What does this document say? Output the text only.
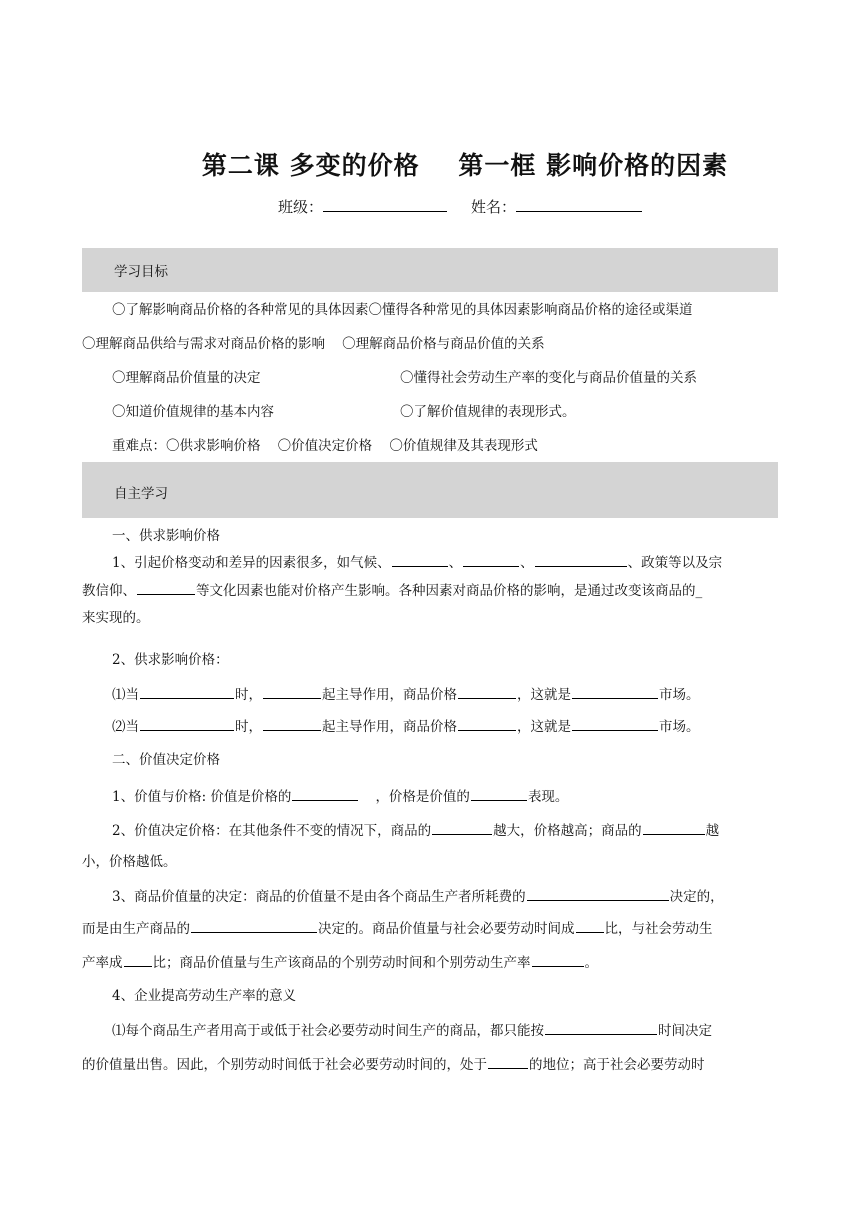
第二课 多变的价格    第一框 影响价格的因素
班级：	姓名：
学习目标
〇了解影响商品价格的各种常见的具体因素〇懂得各种常见的具体因素影响商品价格的途径或渠道
〇理解商品供给与需求对商品价格的影响    〇理解商品价格与商品价值的关系
〇理解商品价值量的决定	〇懂得社会劳动生产率的变化与商品价值量的关系
〇知道价值规律的基本内容	〇了解价值规律的表现形式。
重难点：〇供求影响价格    〇价值决定价格    〇价值规律及其表现形式
自主学习
一、供求影响价格
1、引起价格变动和差异的因素很多，如气候、	、	、	、政策等以及宗
教信仰、	等文化因素也能对价格产生影响。各种因素对商品价格的影响，是通过改变该商品的_
来实现的。
2、供求影响价格：
⑴当	时，	起主导作用，商品价格	，这就是	市场。
⑵当	时，	起主导作用，商品价格	，这就是	市场。
二、价值决定价格
1、价值与价格: 价值是价格的	，价格是价值的	表现。
2、价值决定价格：在其他条件不变的情况下，商品的	越大，价格越高；商品的	越
小，价格越低。
3、商品价值量的决定：商品的价值量不是由各个商品生产者所耗费的	决定的，
而是由生产商品的	决定的。商品价值量与社会必要劳动时间成 比，与社会劳动生
产率成 比；商品价值量与生产该商品的个别劳动时间和个别劳动生产率	。
4、企业提高劳动生产率的意义
⑴每个商品生产者用高于或低于社会必要劳动时间生产的商品，都只能按	时间决定
的价值量出售。因此，个别劳动时间低于社会必要劳动时间的，处于	的地位；高于社会必要劳动时
